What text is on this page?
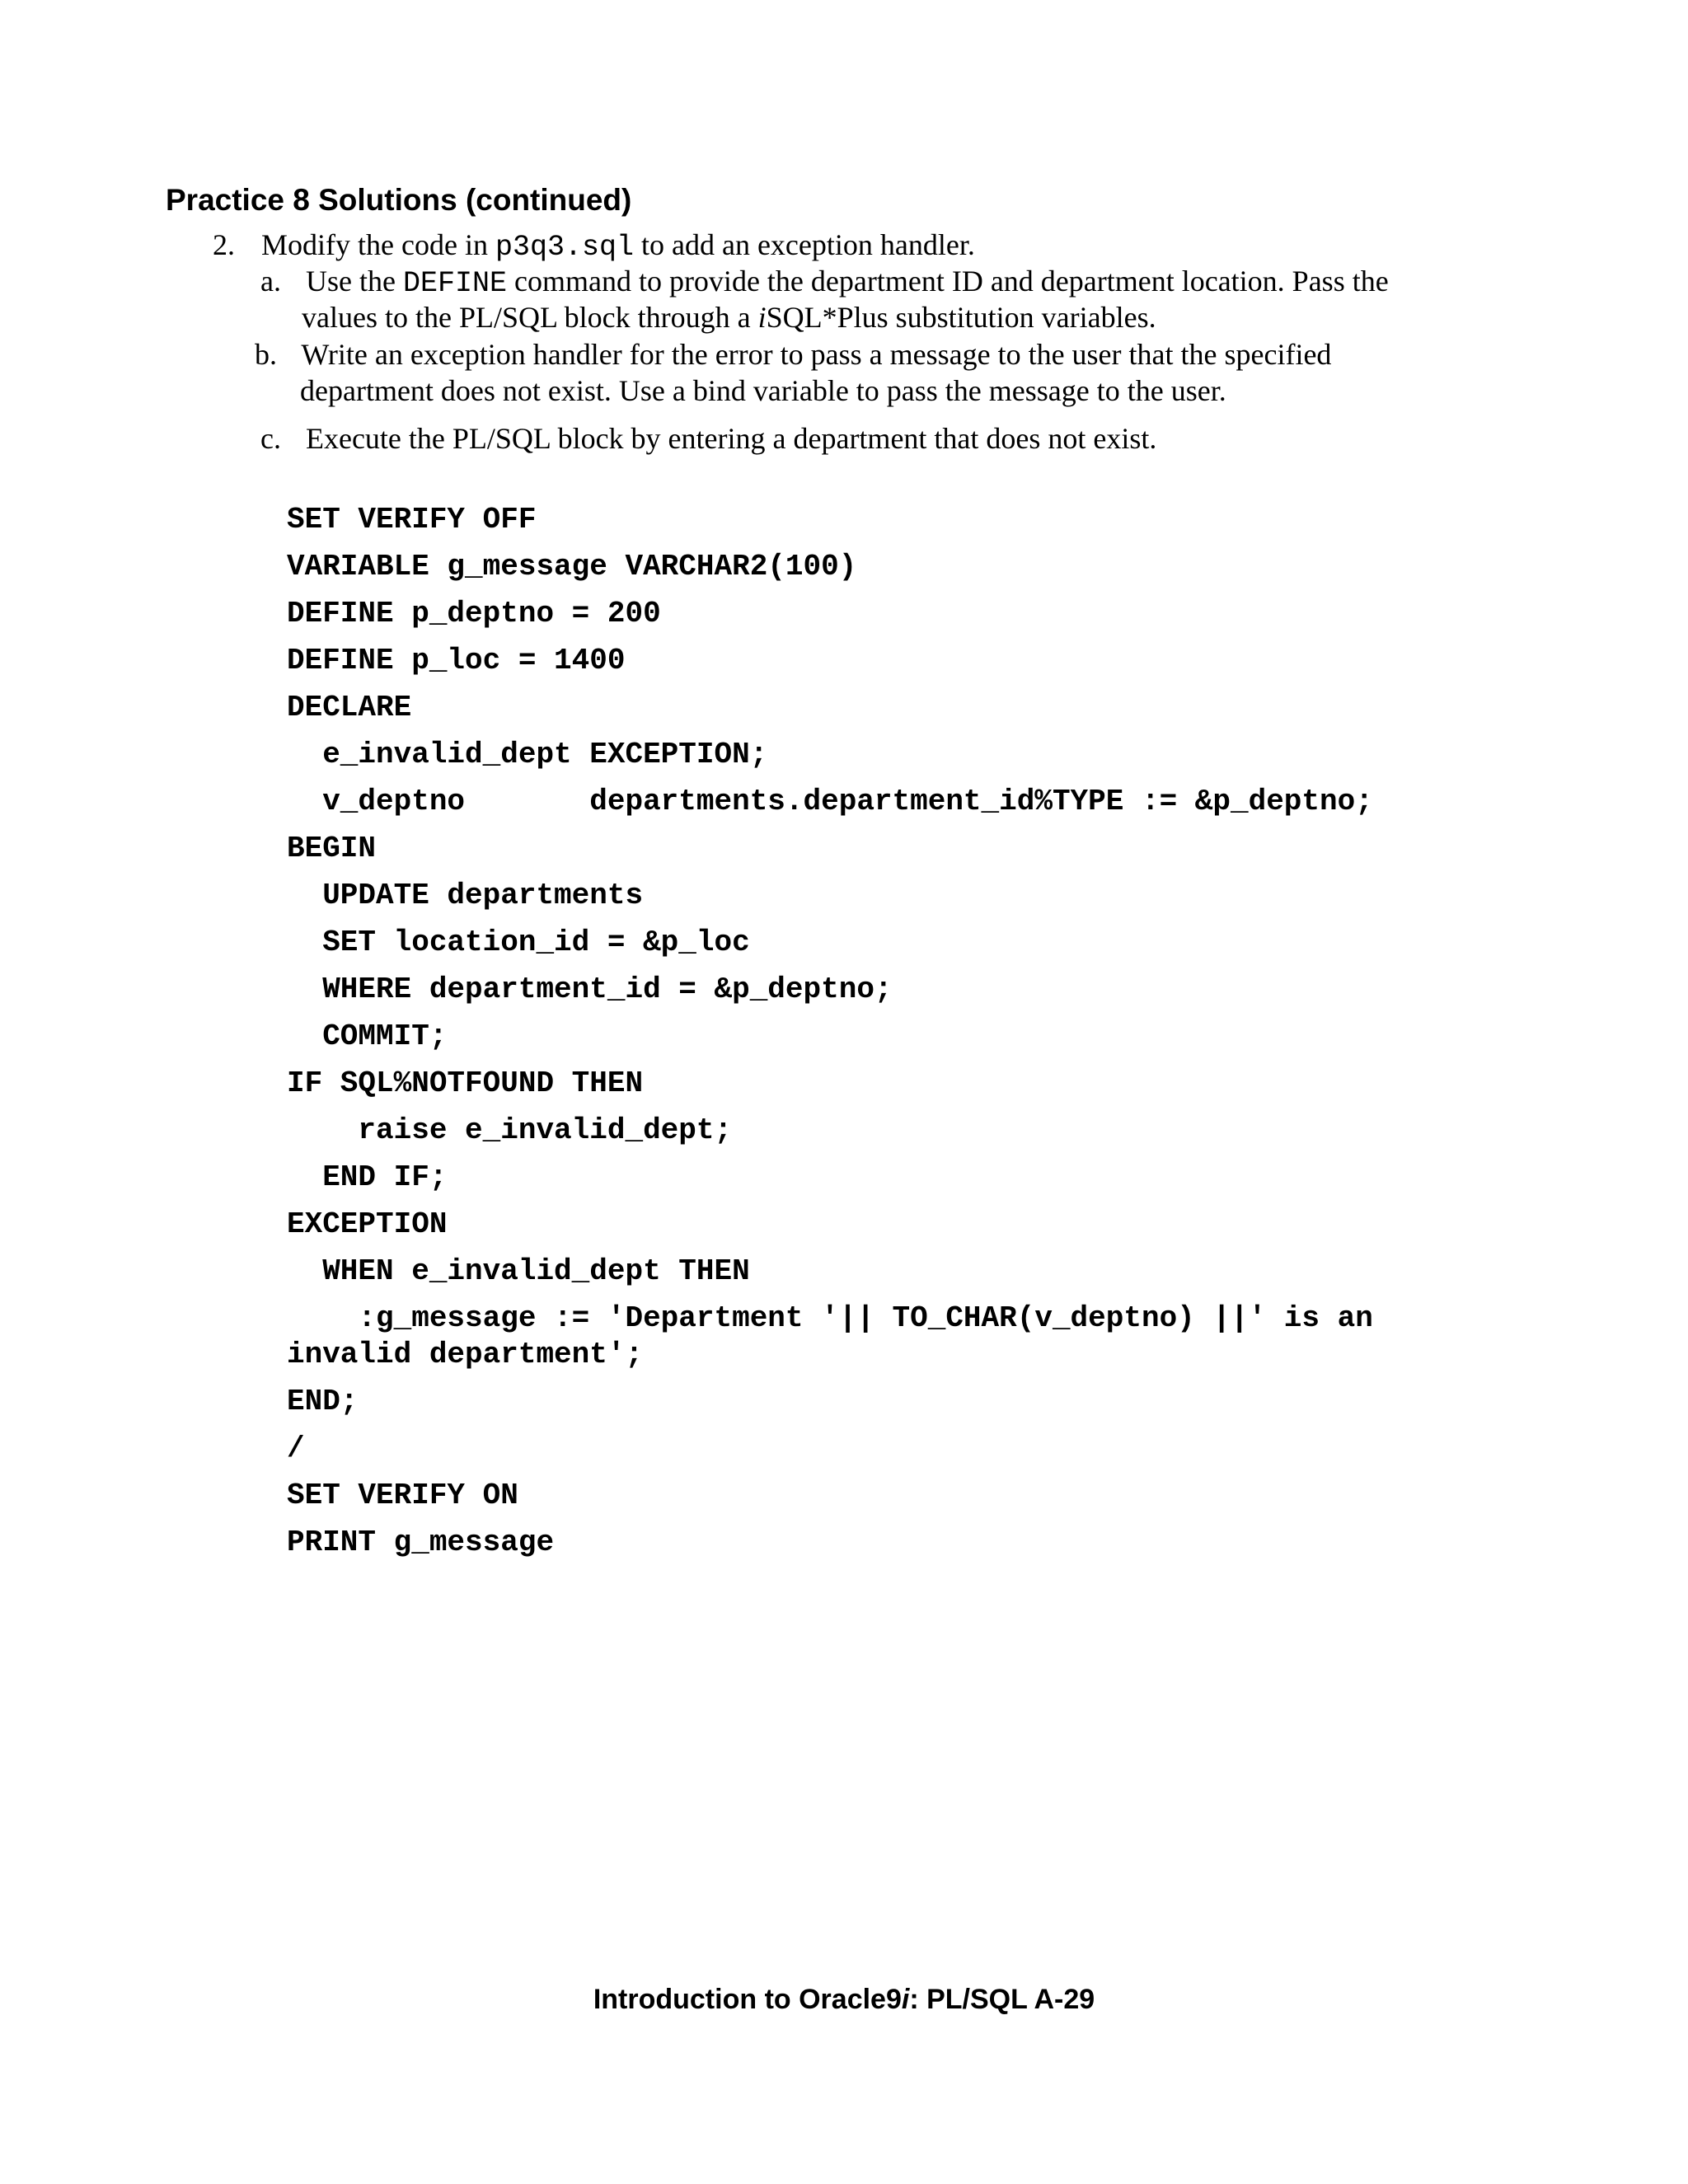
Practice 8 Solutions (continued)
2. Modify the code in p3q3.sql to add an exception handler.
a. Use the DEFINE command to provide the department ID and department location. Pass the
values to the PL/SQL block through a iSQL*Plus substitution variables.
b. Write an exception handler for the error to pass a message to the user that the specified
department does not exist. Use a bind variable to pass the message to the user.
c. Execute the PL/SQL block by entering a department that does not exist.
SET VERIFY OFF
VARIABLE g_message VARCHAR2(100)
DEFINE p_deptno = 200
DEFINE p_loc = 1400
DECLARE
e_invalid_dept EXCEPTION;
v_deptno       departments.department_id%TYPE := &p_deptno;
BEGIN
UPDATE departments
SET location_id = &p_loc
WHERE department_id = &p_deptno;
COMMIT;
IF SQL%NOTFOUND THEN
raise e_invalid_dept;
END IF;
EXCEPTION
WHEN e_invalid_dept THEN
:g_message := 'Department '|| TO_CHAR(v_deptno) ||' is an
invalid department';
END;
/
SET VERIFY ON
PRINT g_message
Introduction to Oracle9i: PL/SQL A-29
